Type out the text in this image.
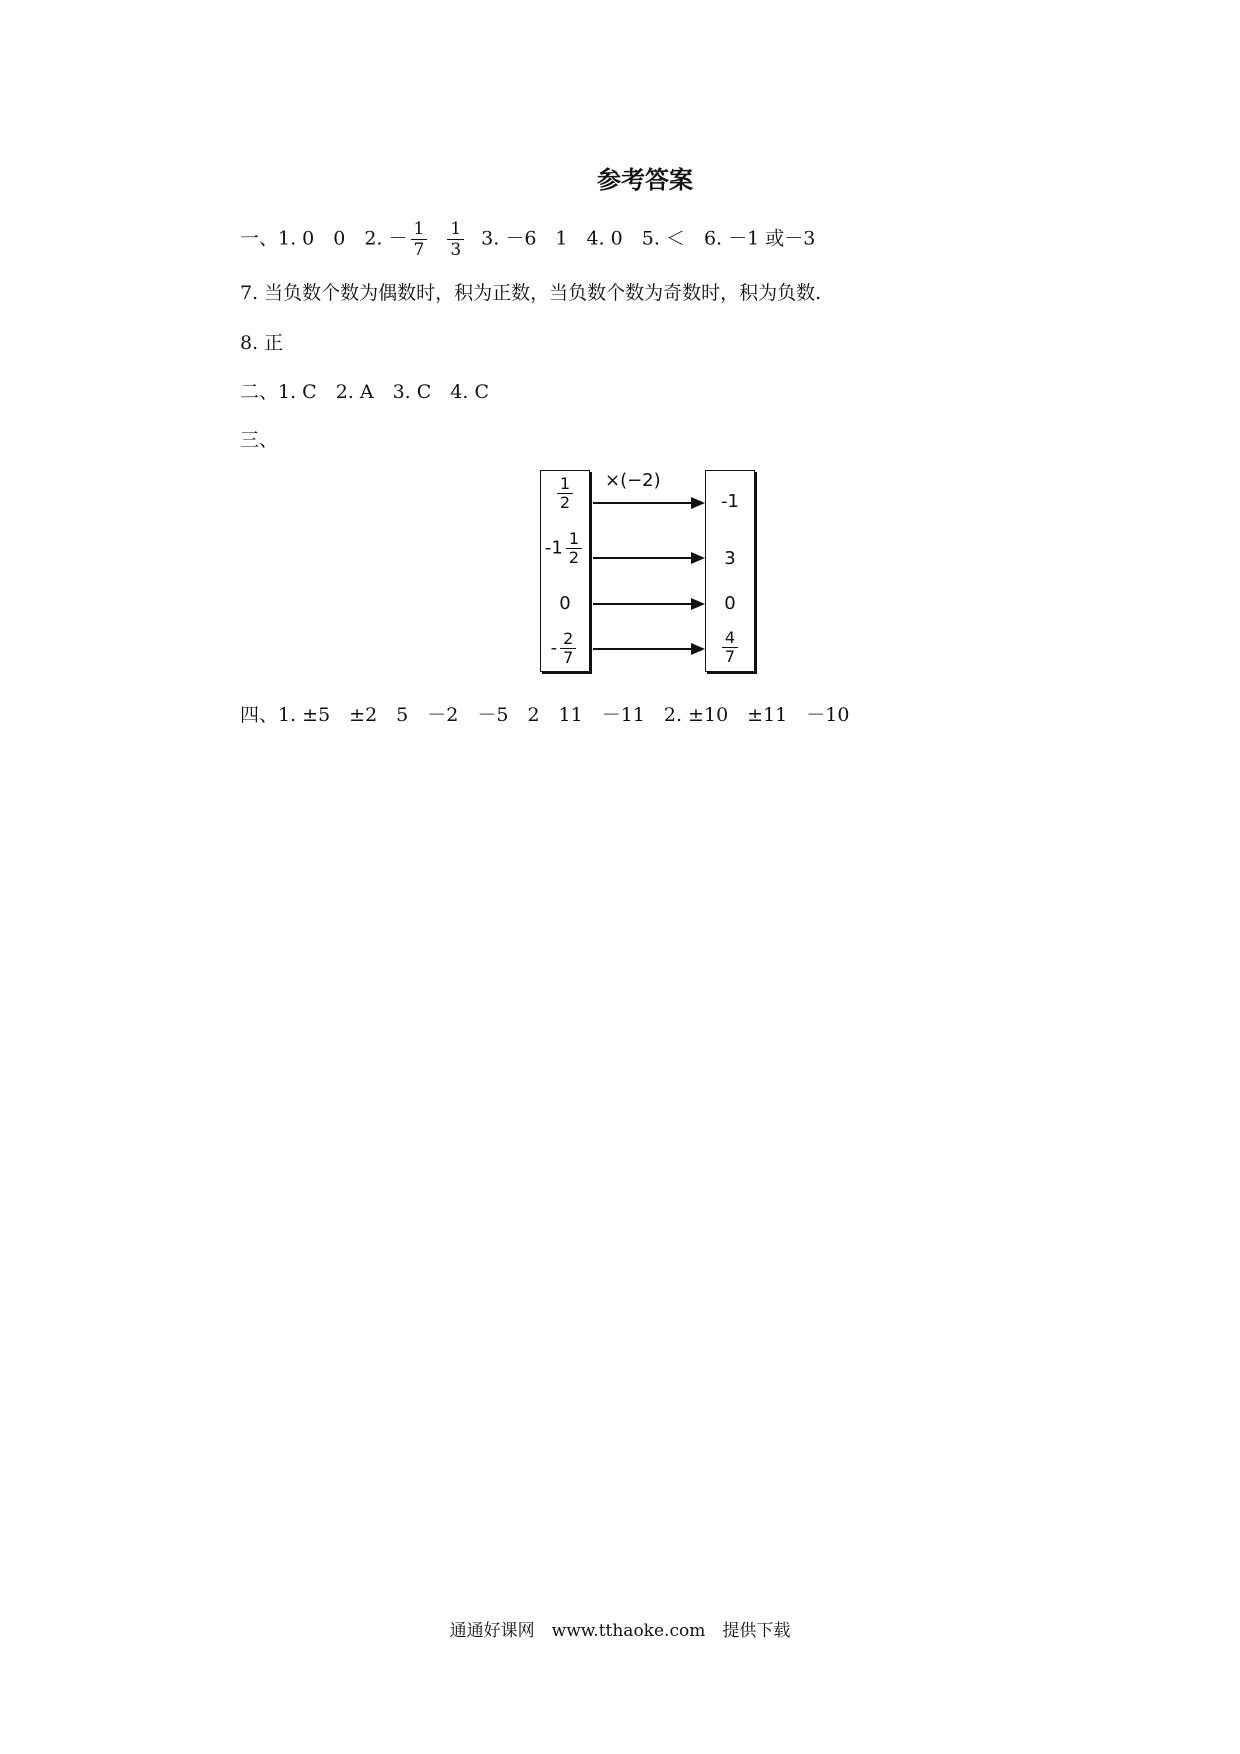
参考答案
一、1. 0　0　2. － $\frac{1}{7} \frac{1}{3} 3$. －6　1　4. 0　5. ＜　6. －1 或－3
7. 当负数个数为偶数时，积为正数，当负数个数为奇数时，积为负数.
8. 正
二、1. C　2. A　3. C　4. C
三、
$\frac{1}{2}$
$-1 \frac{1}{2}$
0
- $\frac{2}{7}$
×(−2)
-1
3
0
$\frac{4}{7}$
四、1. ±5　±2　5　－2　－5　2　11　－11　2. ±10　±11　－10
通通好课网　www.tthaoke.com　提供下载
